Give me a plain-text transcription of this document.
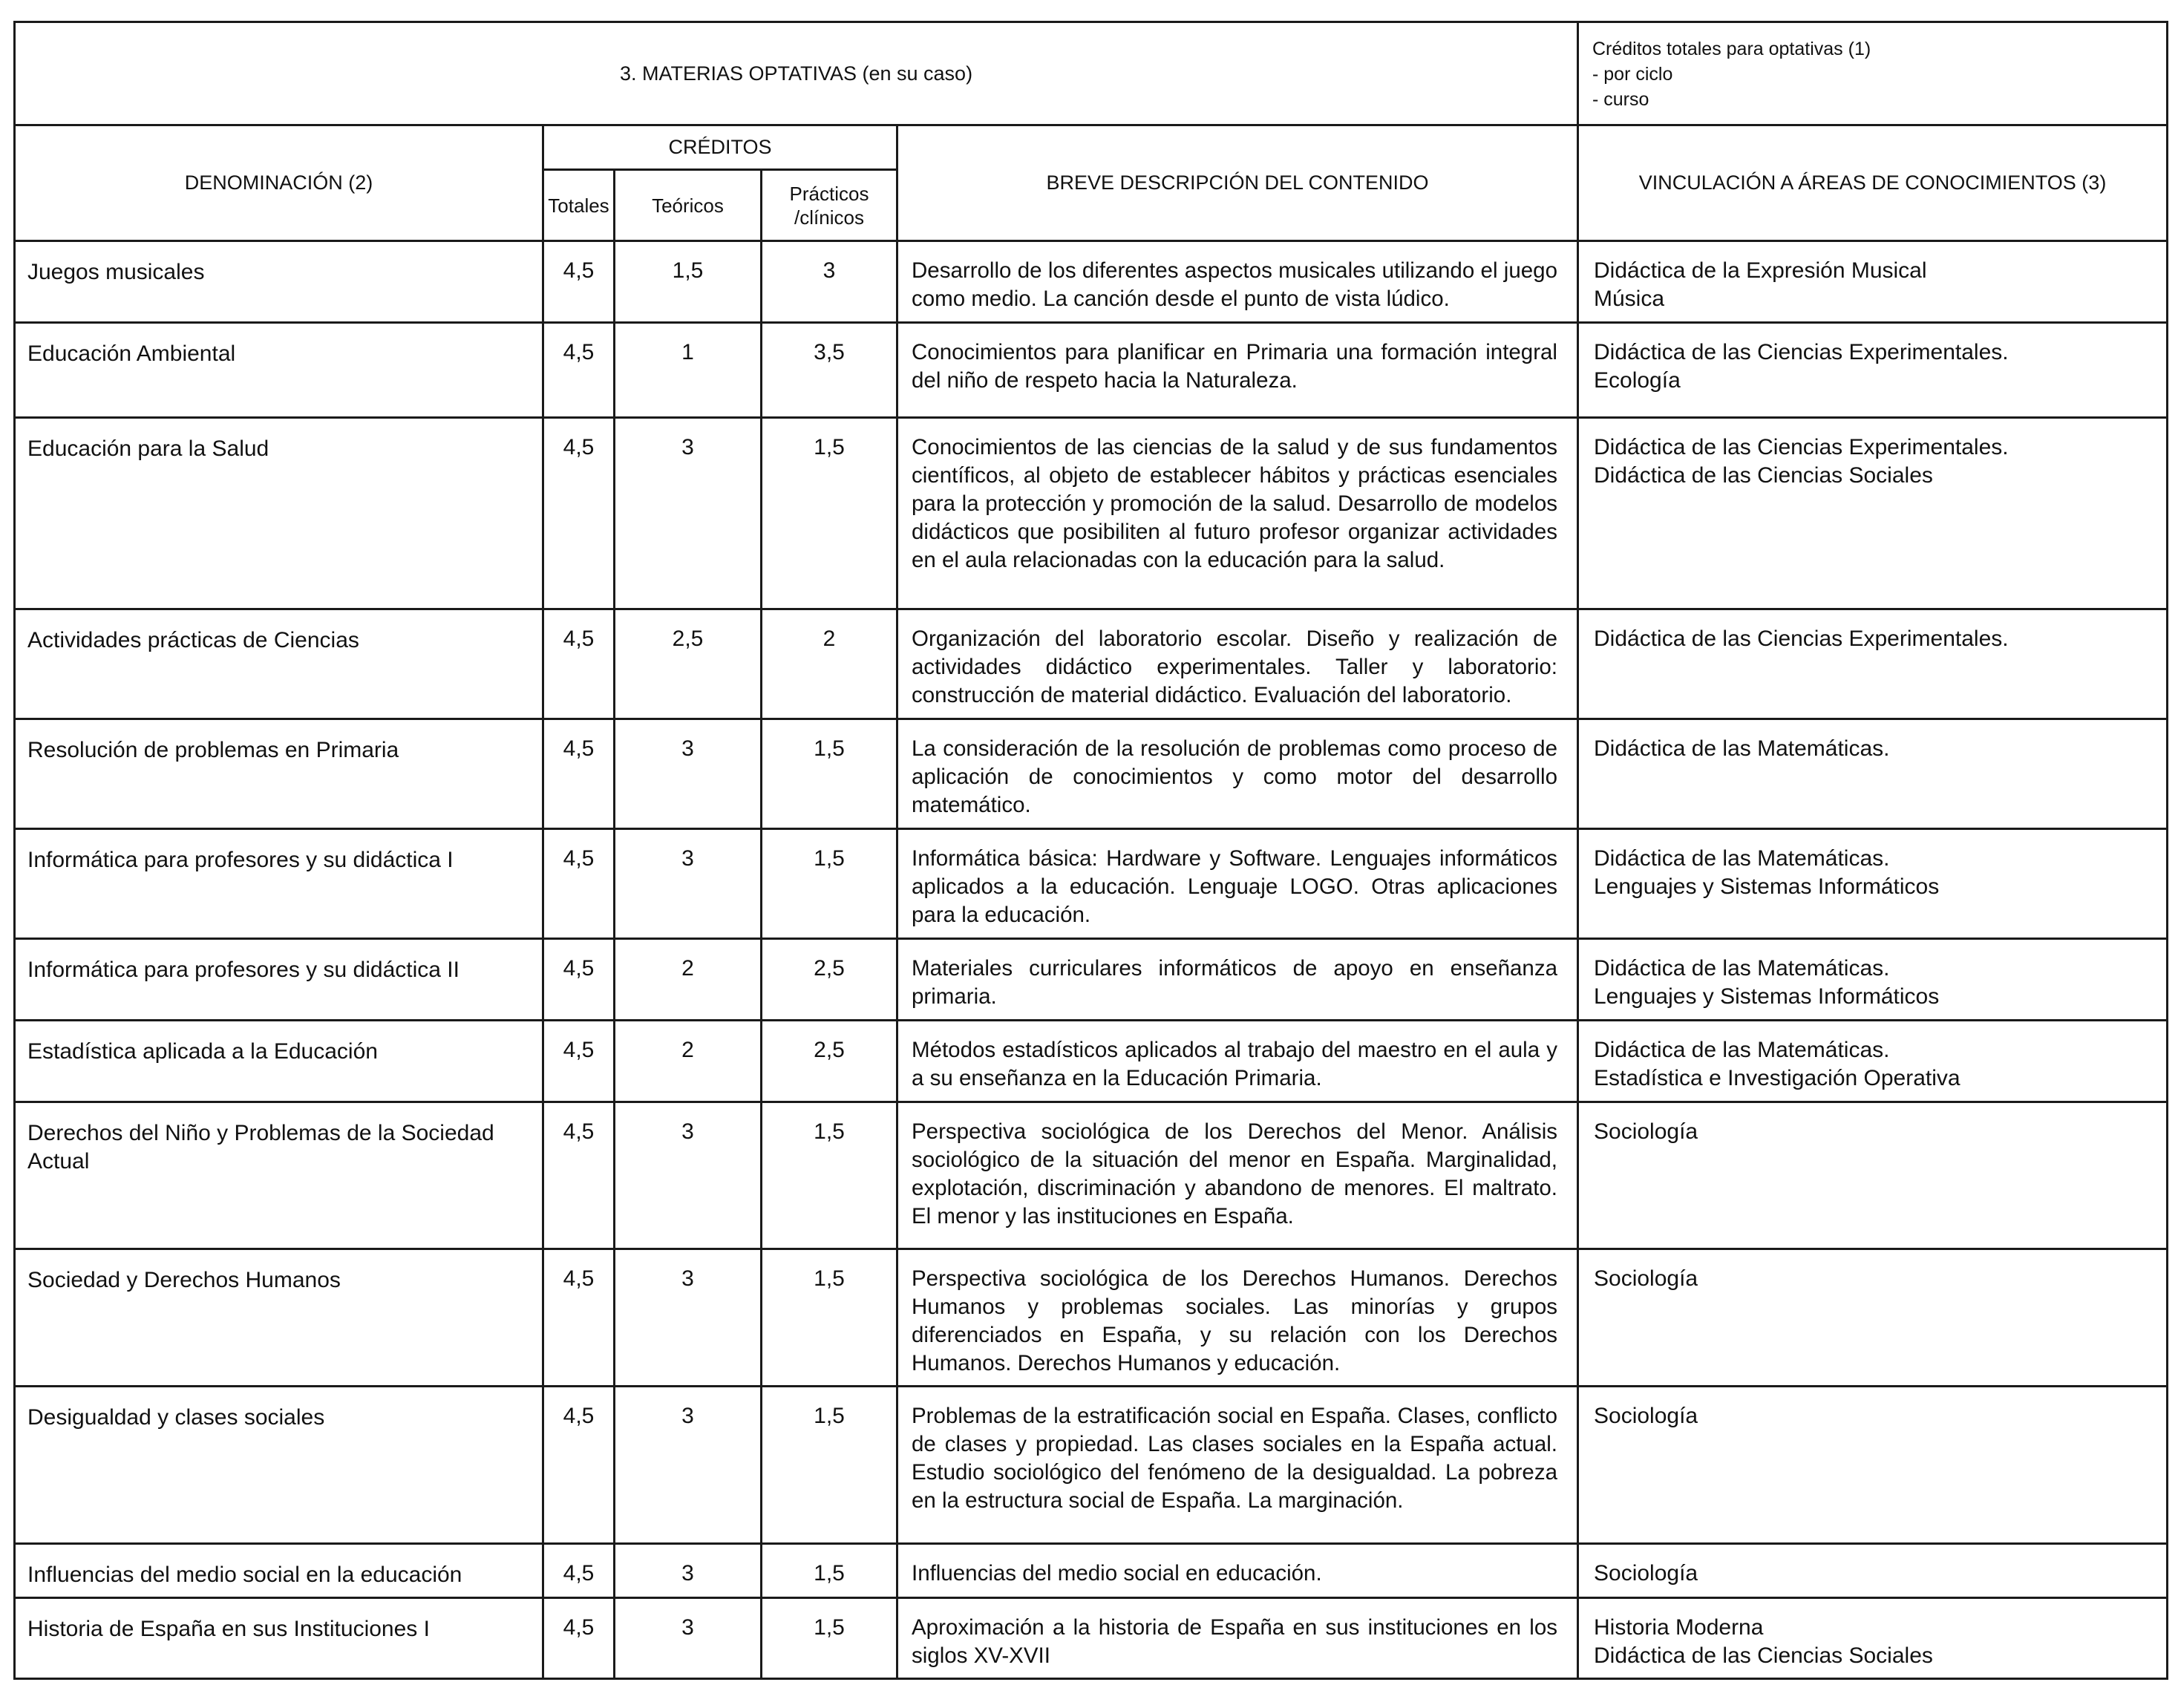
3. MATERIAS OPTATIVAS (en su caso)					Créditos totales para optativas (1)
- por ciclo
- curso

DENOMINACIÓN (2)	CRÉDITOS			BREVE DESCRIPCIÓN DEL CONTENIDO	VINCULACIÓN A ÁREAS DE CONOCIMIENTOS (3)
	Totales	Teóricos	Prácticos /clínicos		
Juegos musicales	4,5	1,5	3	Desarrollo de los diferentes aspectos musicales utilizando el juego como medio. La canción desde el punto de vista lúdico.	Didáctica de la Expresión Musical
Música

Educación Ambiental	4,5	1	3,5	Conocimientos para planificar en Primaria una formación integral del niño de respeto hacia la Naturaleza.	Didáctica de las Ciencias Experimentales.
Ecología

Educación para la Salud	4,5	3	1,5	Conocimientos de las ciencias de la salud y de sus fundamentos científicos, al objeto de establecer hábitos y prácticas esenciales para la protección y promoción de la salud. Desarrollo de modelos didácticos que posibiliten al futuro profesor organizar actividades en el aula relacionadas con la educación para la salud.	Didáctica de las Ciencias Experimentales.
Didáctica de las Ciencias Sociales

Actividades prácticas de Ciencias	4,5	2,5	2	Organización del laboratorio escolar. Diseño y realización de actividades didáctico experimentales. Taller y laboratorio: construcción de material didáctico. Evaluación del laboratorio.	Didáctica de las Ciencias Experimentales.

Resolución de problemas en Primaria	4,5	3	1,5	La consideración de la resolución de problemas como proceso de aplicación de conocimientos y como motor del desarrollo matemático.	Didáctica de las Matemáticas.

Informática para profesores y su didáctica I	4,5	3	1,5	Informática básica: Hardware y Software. Lenguajes informáticos aplicados a la educación. Lenguaje LOGO. Otras aplicaciones para la educación.	Didáctica de las Matemáticas.
Lenguajes y Sistemas Informáticos

Informática para profesores y su didáctica II	4,5	2	2,5	Materiales curriculares informáticos de apoyo en enseñanza primaria.	Didáctica de las Matemáticas.
Lenguajes y Sistemas Informáticos

Estadística aplicada a la Educación	4,5	2	2,5	Métodos estadísticos aplicados al trabajo del maestro en el aula y a su enseñanza en la Educación Primaria.	Didáctica de las Matemáticas.
Estadística e Investigación Operativa

Derechos del Niño y Problemas de la Sociedad Actual	4,5	3	1,5	Perspectiva sociológica de los Derechos del Menor. Análisis sociológico de la situación del menor en España. Marginalidad, explotación, discriminación y abandono de menores. El maltrato. El menor y las instituciones en España.	Sociología

Sociedad y Derechos Humanos	4,5	3	1,5	Perspectiva sociológica de los Derechos Humanos. Derechos Humanos y problemas sociales. Las minorías y grupos diferenciados en España, y su relación con los Derechos Humanos. Derechos Humanos y educación.	Sociología

Desigualdad y clases sociales	4,5	3	1,5	Problemas de la estratificación social en España. Clases, conflicto de clases y propiedad. Las clases sociales en la España actual. Estudio sociológico del fenómeno de la desigualdad. La pobreza en la estructura social de España. La marginación.	Sociología

Influencias del medio social en la educación	4,5	3	1,5	Influencias del medio social en educación.	Sociología

Historia de España en sus Instituciones I	4,5	3	1,5	Aproximación a la historia de España en sus instituciones en los siglos XV-XVII	Historia Moderna
Didáctica de las Ciencias Sociales
